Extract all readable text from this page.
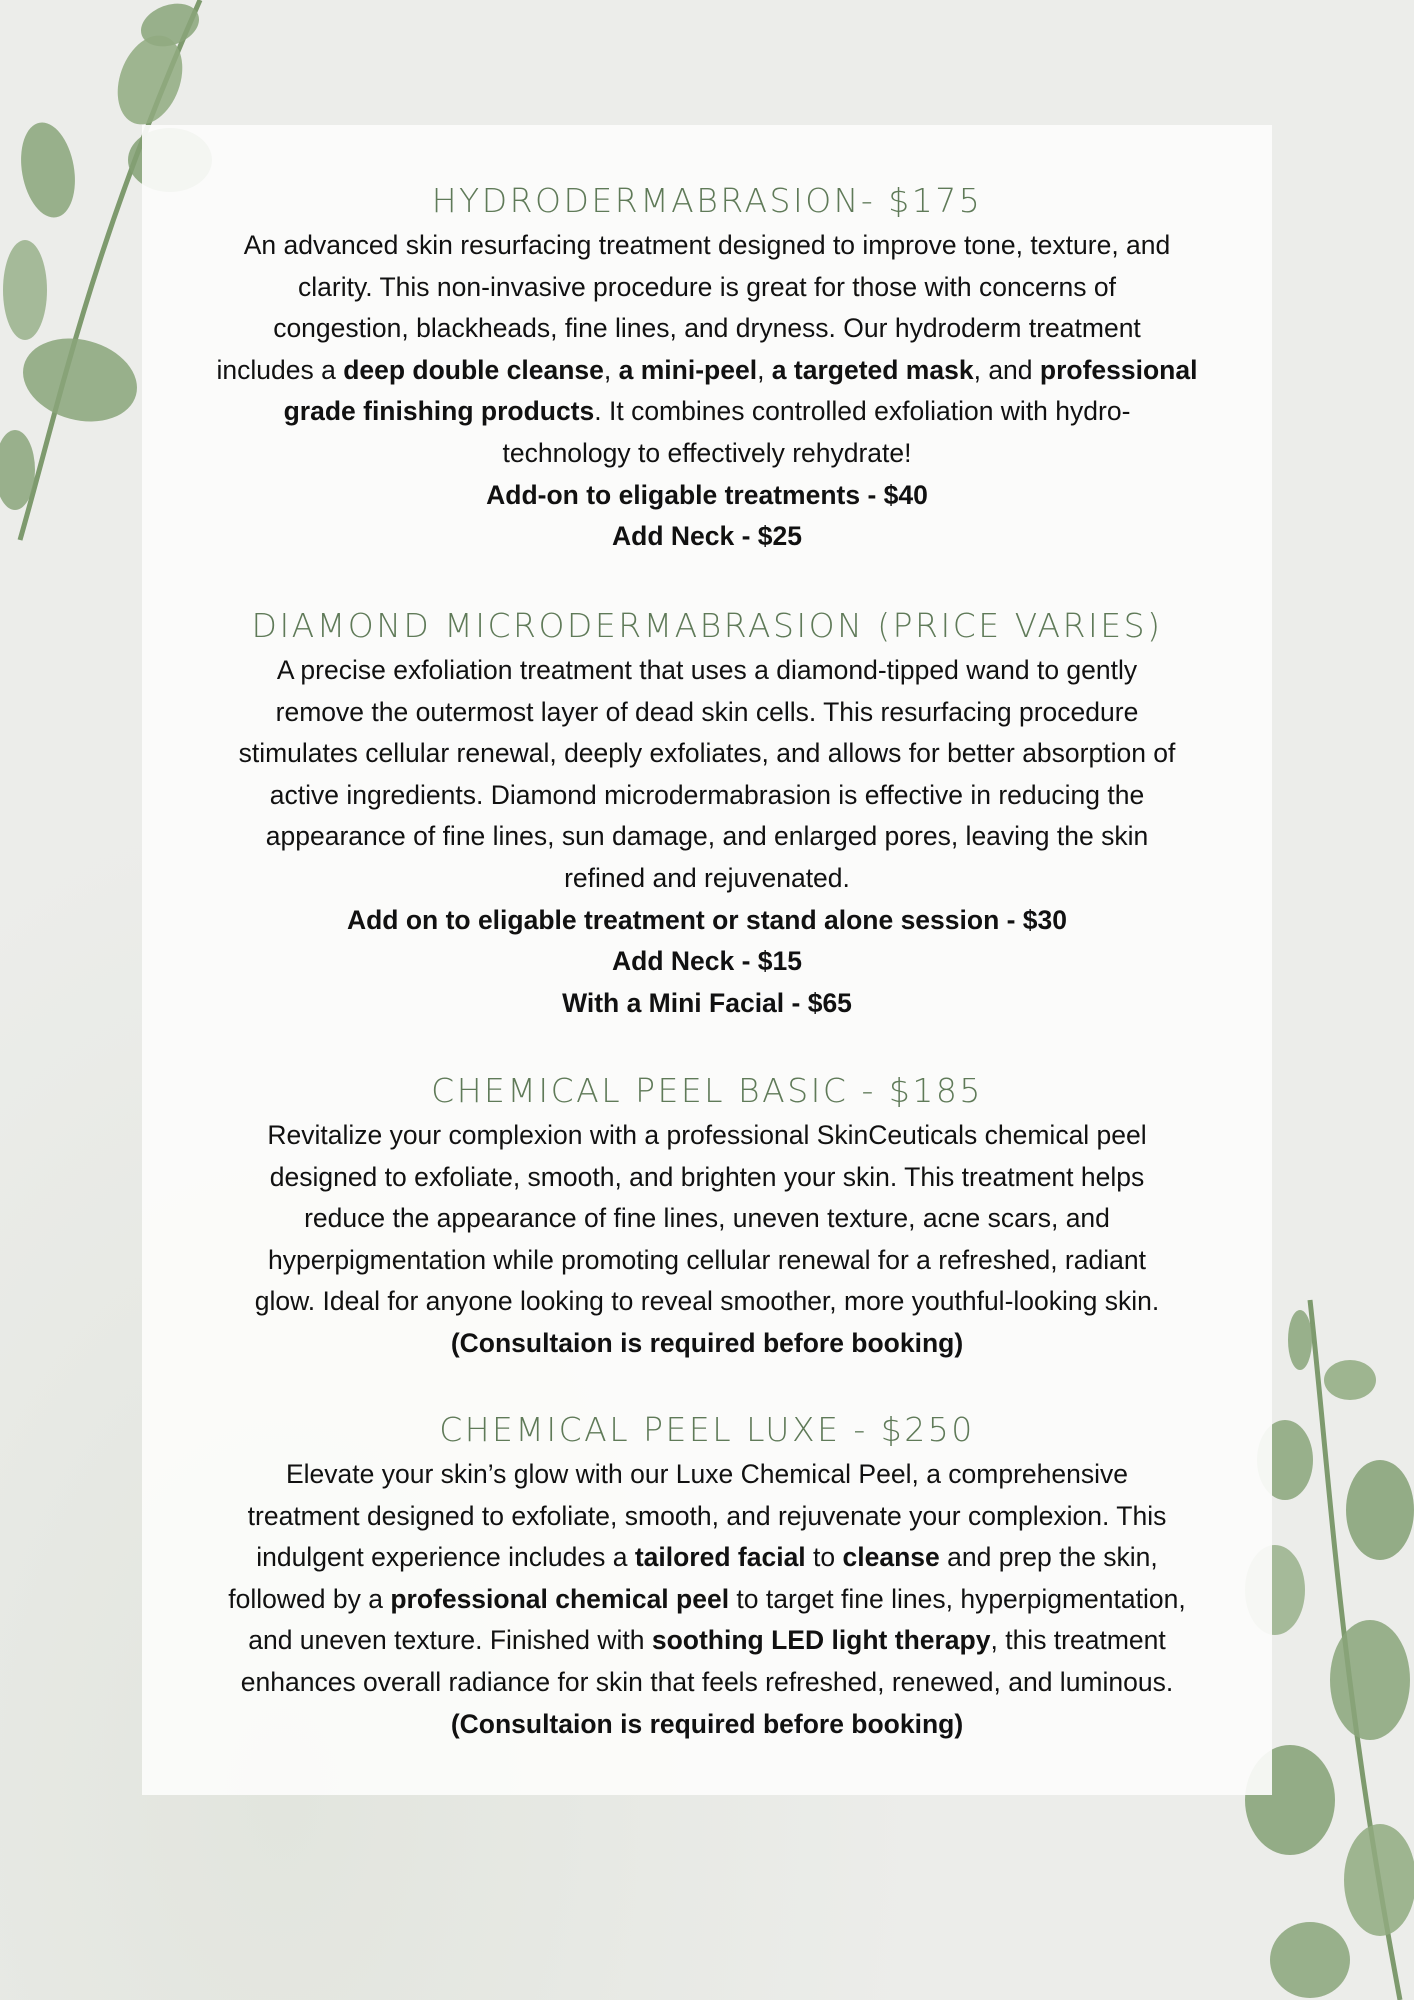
HYDRODERMABRASION- $175
An advanced skin resurfacing treatment designed to improve tone, texture, and
clarity. This non-invasive procedure is great for those with concerns of
congestion, blackheads, fine lines, and dryness. Our hydroderm treatment
includes a deep double cleanse, a mini-peel, a targeted mask, and professional
grade finishing products. It combines controlled exfoliation with hydro-
technology to effectively rehydrate!
Add-on to eligable treatments - $40
Add Neck - $25
DIAMOND MICRODERMABRASION (PRICE VARIES)
A precise exfoliation treatment that uses a diamond-tipped wand to gently
remove the outermost layer of dead skin cells. This resurfacing procedure
stimulates cellular renewal, deeply exfoliates, and allows for better absorption of
active ingredients. Diamond microdermabrasion is effective in reducing the
appearance of fine lines, sun damage, and enlarged pores, leaving the skin
refined and rejuvenated.
Add on to eligable treatment or stand alone session - $30
Add Neck - $15
With a Mini Facial - $65
CHEMICAL PEEL BASIC - $185
Revitalize your complexion with a professional SkinCeuticals chemical peel
designed to exfoliate, smooth, and brighten your skin. This treatment helps
reduce the appearance of fine lines, uneven texture, acne scars, and
hyperpigmentation while promoting cellular renewal for a refreshed, radiant
glow. Ideal for anyone looking to reveal smoother, more youthful-looking skin.
(Consultaion is required before booking)
CHEMICAL PEEL LUXE - $250
Elevate your skin’s glow with our Luxe Chemical Peel, a comprehensive
treatment designed to exfoliate, smooth, and rejuvenate your complexion. This
indulgent experience includes a tailored facial to cleanse and prep the skin,
followed by a professional chemical peel to target fine lines, hyperpigmentation,
and uneven texture. Finished with soothing LED light therapy, this treatment
enhances overall radiance for skin that feels refreshed, renewed, and luminous.
(Consultaion is required before booking)
